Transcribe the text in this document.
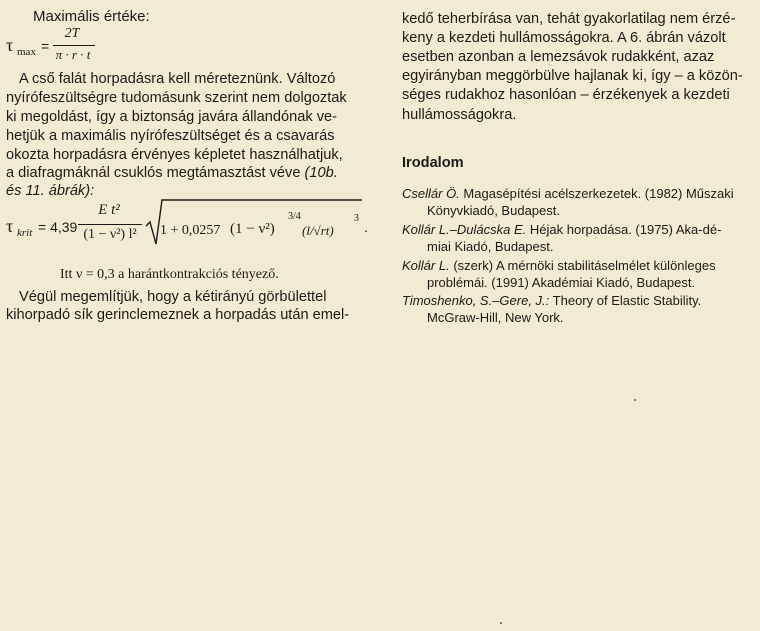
Maximális értéke:
τ max =
2T
π · r · t
A cső falát horpadásra kell méreteznünk. Változó
nyírófeszültségre tudomásunk szerint nem dolgoztak
ki megoldást, így a biztonság javára állandónak ve-
hetjük a maximális nyírófeszültséget és a csavarás
okozta horpadásra érvényes képletet használhatjuk,
a diafragmáknál csuklós megtámasztást véve (10b.
és 11. ábrák):
τ krit = 4,39
E t²
(1 − ν²) l²	1 + 0,0257 (1 − ν²)
3/4
(l/√rt)
3
.
Itt ν = 0,3 a harántkontrakciós tényező.
Végül megemlítjük, hogy a kétirányú görbülettel
kihorpadó sík gerinclemeznek a horpadás után emel-
kedő teherbírása van, tehát gyakorlatilag nem érzé-
keny a kezdeti hullámosságokra. A 6. ábrán vázolt
esetben azonban a lemezsávok rudakként, azaz
egyirányban meggörbülve hajlanak ki, így – a közön-
séges rudakhoz hasonlóan – érzékenyek a kezdeti
hullámosságokra.
Irodalom
Csellár Ö. Magasépítési acélszerkezetek. (1982) Műszaki
Könyvkiadó, Budapest.
Kollár L.–Dulácska E. Héjak horpadása. (1975) Aka-dé-
miai Kiadó, Budapest.
Kollár L. (szerk) A mérnöki stabilitáselmélet különleges
problémái. (1991) Akadémiai Kiadó, Budapest.
Timoshenko, S.–Gere, J.: Theory of Elastic Stability.
McGraw-Hill, New York.
